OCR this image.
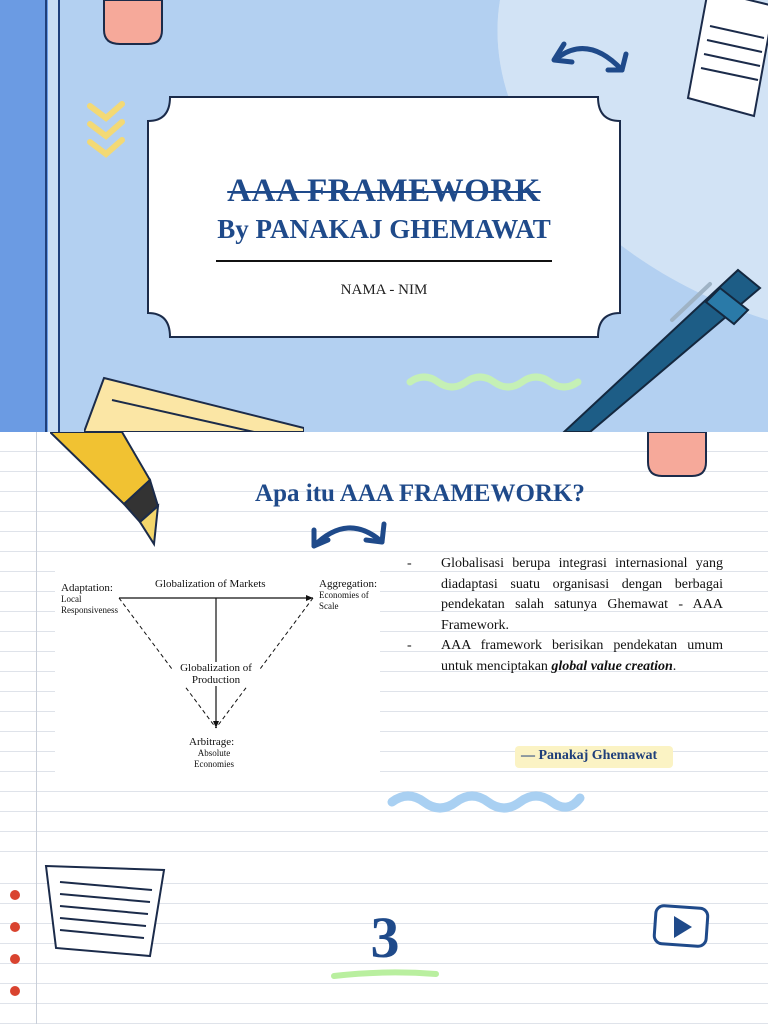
AAA FRAMEWORK
By PANAKAJ GHEMAWAT
NAMA - NIM
Apa itu AAA FRAMEWORK?
Globalization of Markets
Adaptation:
Local Responsiveness
Aggregation:
Economies of Scale
Globalization of Production
Arbitrage:
Absolute Economies
- Globalisasi berupa integrasi internasional yang diadaptasi suatu organisasi dengan berbagai pendekatan salah satunya Ghemawat - AAA Framework.
- AAA framework berisikan pendekatan umum untuk menciptakan global value creation.
— Panakaj Ghemawat
3
